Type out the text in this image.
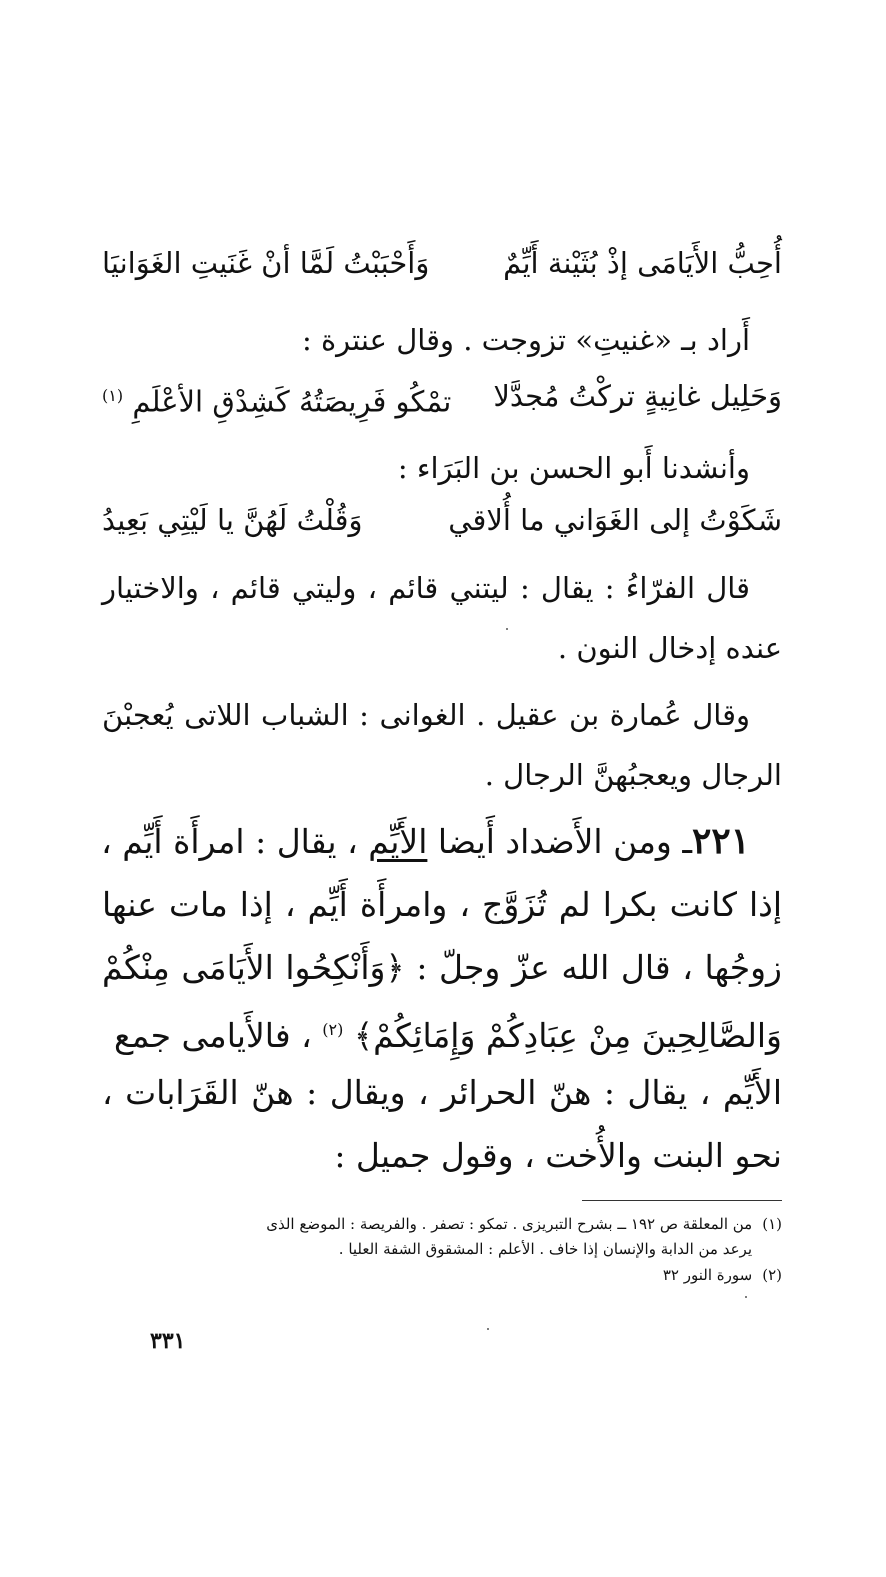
أُحِبُّ الأَيَامَى إذْ بُثَيْنة أَيِّمٌ
وَأَحْبَبْتُ لَمَّا أنْ غَنَيتِ الغَوَانيَا
أَراد بـ «غنيتِ» تزوجت . وقال عنترة :
وَحَلِيل غانِيةٍ تركْتُ مُجدَّلا
تمْكُو فَرِيصَتُهُ كَشِدْقِ الأعْلَمِ $^{(١)}$
وأنشدنا أَبو الحسن بن البَرَاء :
شَكَوْتُ إلى الغَوَاني ما أُلاقي
وَقُلْتُ لَهُنَّ يا لَيْتِي بَعِيدُ
قال الفرّاءُ : يقال : ليتني قائم ، وليتي قائم ، والاختيار
عنده إدخال النون .
وقال عُمارة بن عقيل . الغوانى : الشباب اللاتى يُعجبْنَ
الرجال ويعجبُهنَّ الرجال .
٢٢١ـ ومن الأَضداد أَيضا الأَيِّم ، يقال : امرأَة أَيِّم ،
إذا كانت بكرا لم تُزَوَّج ، وامرأَة أَيِّم ، إذا مات عنها
زوجُها ، قال الله عزّ وجلّ : ﴿وَأَنْكِحُوا الأَيَامَى مِنْكُمْ
وَالصَّالِحِينَ مِنْ عِبَادِكُمْ وَإِمَائِكُمْ﴾ $^{(٢)}$ ، فالأَيامى جمع
الأَيِّم ، يقال : هنّ الحرائر ، ويقال : هنّ القَرَابات ،
نحو البنت والأُخت ، وقول جميل :
(١)من المعلقة ص ١٩٢ ــ بشرح التبريزى . تمكو : تصفر . والفريصة : الموضع الذى
يرعد من الدابة والإنسان إذا خاف . الأعلم : المشقوق الشفة العليا .
(٢)سورة النور ٣٢
٣٣١
